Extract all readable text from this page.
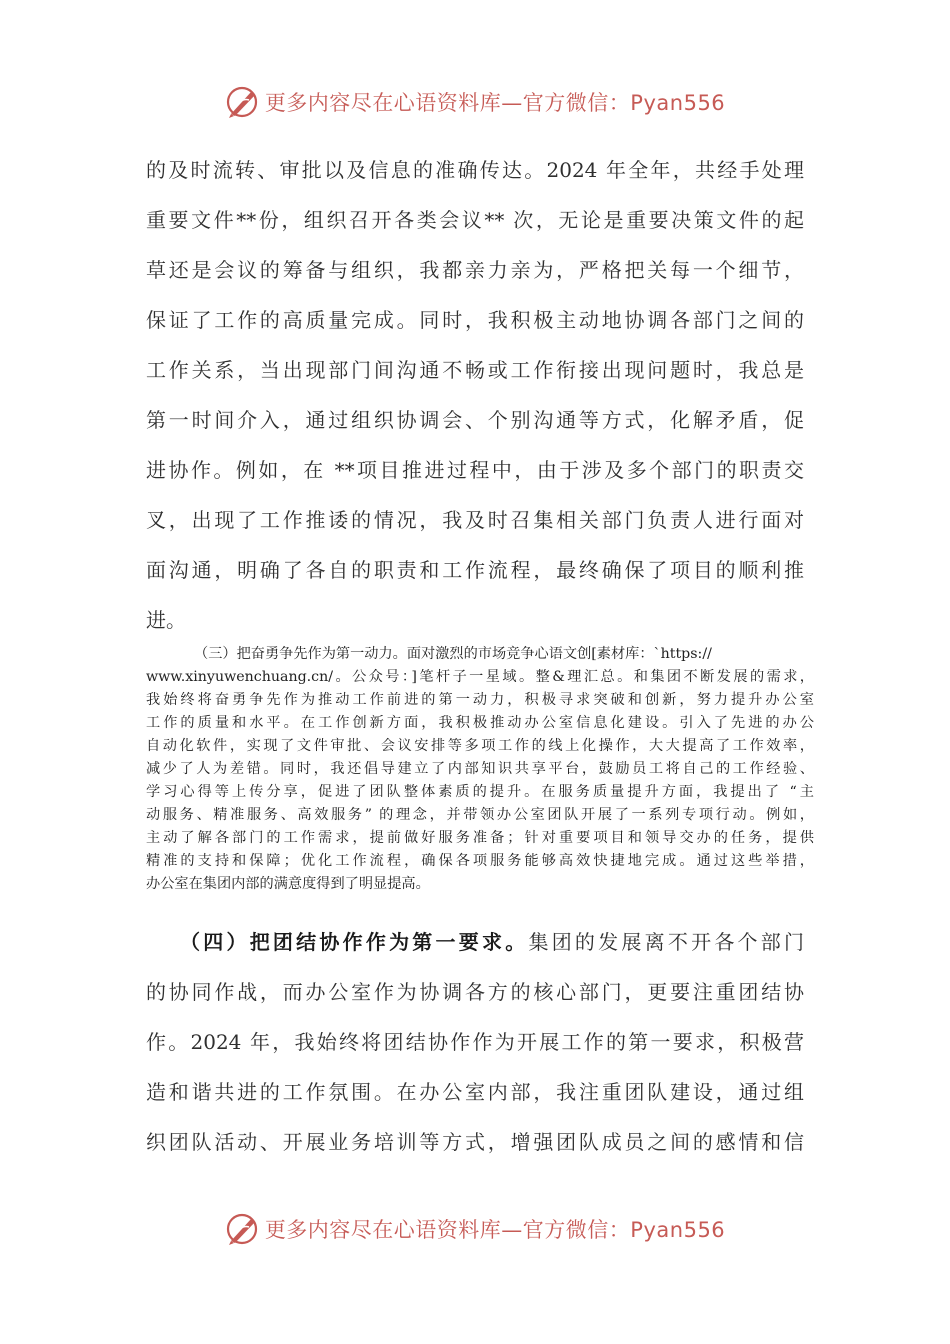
更多内容尽在心语资料库—官方微信：Pyan556
的及时流转、审批以及信息的准确传达。2024 年全年，共经手处理
重要文件**份，组织召开各类会议** 次，无论是重要决策文件的起
草还是会议的筹备与组织，我都亲力亲为，严格把关每一个细节，
保证了工作的高质量完成。同时，我积极主动地协调各部门之间的
工作关系，当出现部门间沟通不畅或工作衔接出现问题时，我总是
第一时间介入，通过组织协调会、个别沟通等方式，化解矛盾，促
进协作。例如，在 **项目推进过程中，由于涉及多个部门的职责交
叉，出现了工作推诿的情况，我及时召集相关部门负责人进行面对
面沟通，明确了各自的职责和工作流程，最终确保了项目的顺利推
进。
（三）把奋勇争先作为第一动力。面对激烈的市场竞争心语文创[素材库：`https://
www.xinyuwenchuang.cn/。公众号：]笔杆子一星域。整&理汇总。和集团不断发展的需求，
我始终将奋勇争先作为推动工作前进的第一动力，积极寻求突破和创新，努力提升办公室
工作的质量和水平。在工作创新方面，我积极推动办公室信息化建设。引入了先进的办公
自动化软件，实现了文件审批、会议安排等多项工作的线上化操作，大大提高了工作效率，
减少了人为差错。同时，我还倡导建立了内部知识共享平台，鼓励员工将自己的工作经验、
学习心得等上传分享，促进了团队整体素质的提升。在服务质量提升方面，我提出了 “主
动服务、精准服务、高效服务” 的理念，并带领办公室团队开展了一系列专项行动。例如，
主动了解各部门的工作需求，提前做好服务准备；针对重要项目和领导交办的任务，提供
精准的支持和保障；优化工作流程，确保各项服务能够高效快捷地完成。通过这些举措，
办公室在集团内部的满意度得到了明显提高。
（四）把团结协作作为第一要求。集团的发展离不开各个部门
的协同作战，而办公室作为协调各方的核心部门，更要注重团结协
作。2024 年，我始终将团结协作作为开展工作的第一要求，积极营
造和谐共进的工作氛围。在办公室内部，我注重团队建设，通过组
织团队活动、开展业务培训等方式，增强团队成员之间的感情和信
更多内容尽在心语资料库—官方微信：Pyan556
